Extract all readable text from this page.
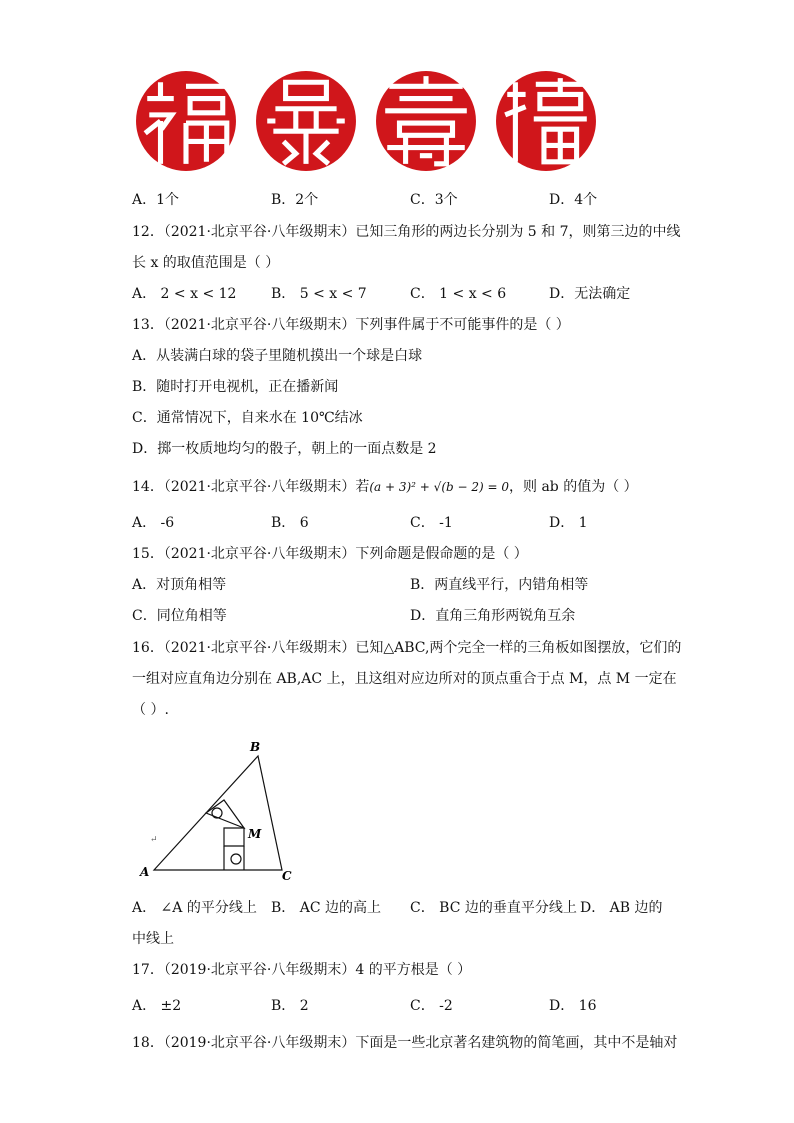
A．1个	B．2个	C．3个	D．4个
12．（2021·北京平谷·八年级期末）已知三角形的两边长分别为 5 和 7，则第三边的中线
长 x 的取值范围是（ ）
A． 2 < x < 12 B． 5 < x < 7	C． 1 < x < 6	D．无法确定
13．（2021·北京平谷·八年级期末）下列事件属于不可能事件的是（ ）
A．从装满白球的袋子里随机摸出一个球是白球
B．随时打开电视机，正在播新闻
C．通常情况下，自来水在 10℃结冰
D．掷一枚质地均匀的骰子，朝上的一面点数是 2
14．（2021·北京平谷·八年级期末）若(a + 3)² + √(b − 2) = 0，则 ab 的值为（ ）
A． -6	B． 6	C． -1	D． 1
15．（2021·北京平谷·八年级期末）下列命题是假命题的是（ ）
A．对顶角相等	B．两直线平行，内错角相等
C．同位角相等	D．直角三角形两锐角互余
16．（2021·北京平谷·八年级期末）已知△ABC,两个完全一样的三角板如图摆放，它们的
一组对应直角边分别在 AB,AC 上，且这组对应边所对的顶点重合于点 M，点 M 一定在
（ ）.
B
A	C
M
↵
A． ∠A 的平分线上 B． AC 边的高上 C． BC 边的垂直平分线上 D． AB 边的
中线上
17．（2019·北京平谷·八年级期末）4 的平方根是（ ）
A． ±2	B． 2	C． -2	D． 16
18．（2019·北京平谷·八年级期末）下面是一些北京著名建筑物的简笔画，其中不是轴对
